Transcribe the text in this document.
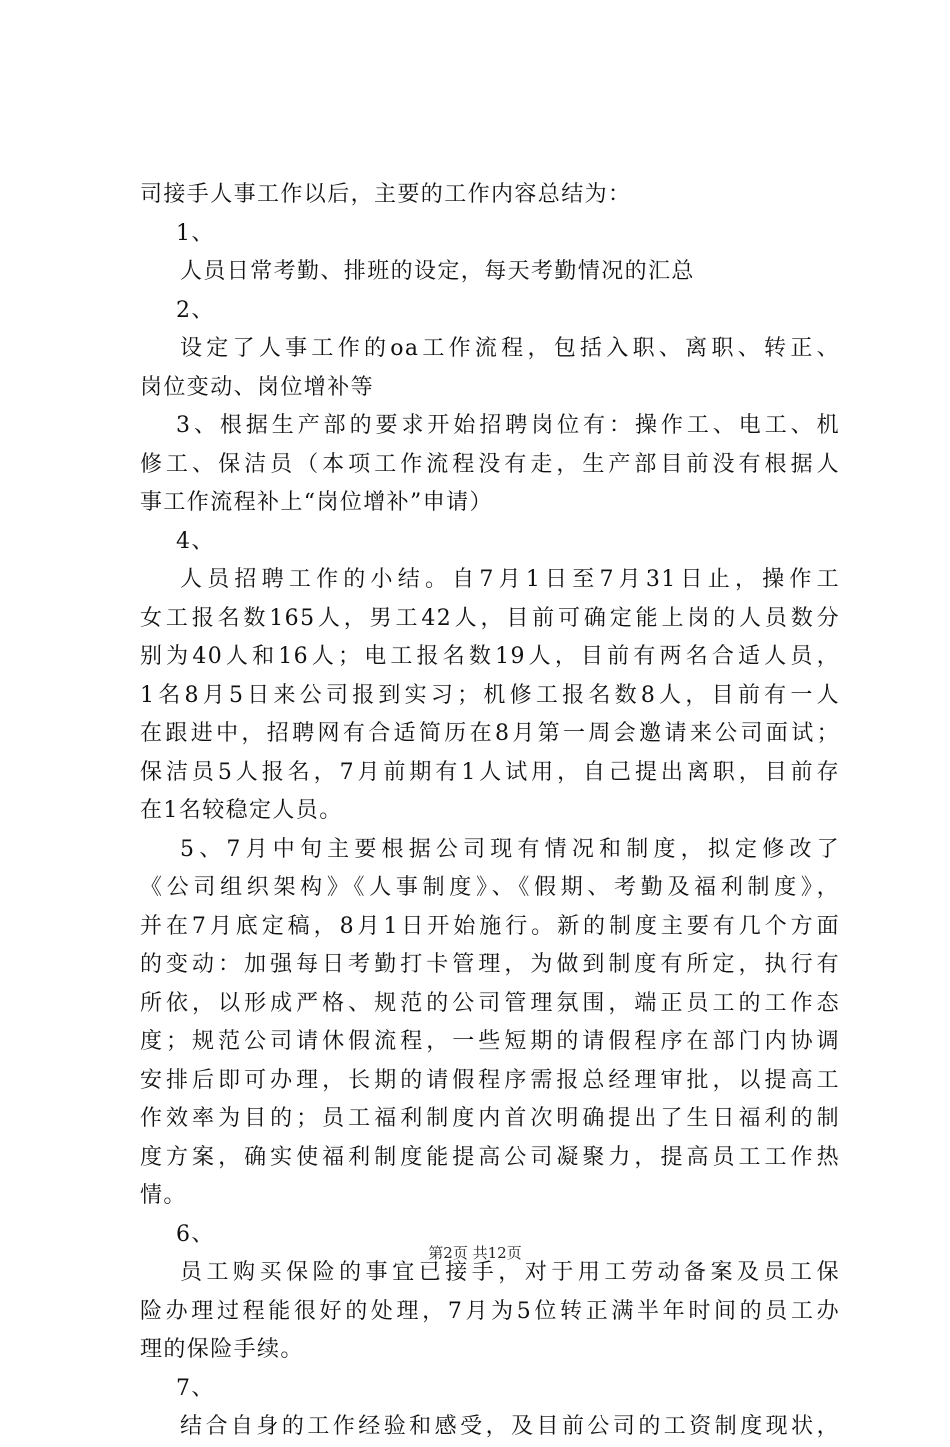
司接手人事工作以后，主要的工作内容总结为：
1、
人员日常考勤、排班的设定，每天考勤情况的汇总
2、
设定了人事工作的oa工作流程，包括入职、离职、转正、
岗位变动、岗位增补等
3、根据生产部的要求开始招聘岗位有：操作工、电工、机
修工、保洁员（本项工作流程没有走，生产部目前没有根据人
事工作流程补上“岗位增补”申请）
4、
人员招聘工作的小结。自7月1日至7月31日止，操作工
女工报名数165人，男工42人，目前可确定能上岗的人员数分
别为40人和16人；电工报名数19人，目前有两名合适人员，
1名8月5日来公司报到实习；机修工报名数8人，目前有一人
在跟进中，招聘网有合适简历在8月第一周会邀请来公司面试；
保洁员5人报名，7月前期有1人试用，自己提出离职，目前存
在1名较稳定人员。
5、7月中旬主要根据公司现有情况和制度，拟定修改了
《公司组织架构》《人事制度》、《假期、考勤及福利制度》，
并在7月底定稿，8月1日开始施行。新的制度主要有几个方面
的变动：加强每日考勤打卡管理，为做到制度有所定，执行有
所依，以形成严格、规范的公司管理氛围，端正员工的工作态
度；规范公司请休假流程，一些短期的请假程序在部门内协调
安排后即可办理，长期的请假程序需报总经理审批，以提高工
作效率为目的；员工福利制度内首次明确提出了生日福利的制
度方案，确实使福利制度能提高公司凝聚力，提高员工工作热
情。
6、
员工购买保险的事宜已接手，对于用工劳动备案及员工保
险办理过程能很好的处理，7月为5位转正满半年时间的员工办
理的保险手续。
7、
结合自身的工作经验和感受，及目前公司的工资制度现状，
第2页 共12页
